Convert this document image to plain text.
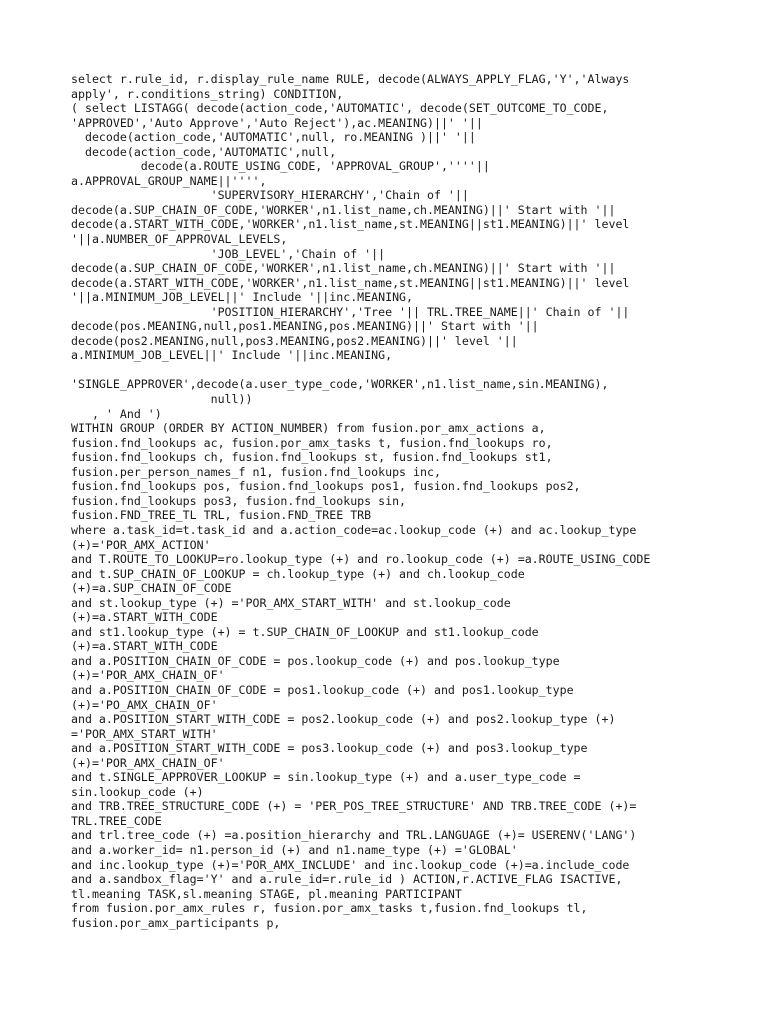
select r.rule_id, r.display_rule_name RULE, decode(ALWAYS_APPLY_FLAG,'Y','Always
apply', r.conditions_string) CONDITION,
( select LISTAGG( decode(action_code,'AUTOMATIC', decode(SET_OUTCOME_TO_CODE,
'APPROVED','Auto Approve','Auto Reject'),ac.MEANING)||' '||
decode(action_code,'AUTOMATIC',null, ro.MEANING )||' '||
decode(action_code,'AUTOMATIC',null,
decode(a.ROUTE_USING_CODE, 'APPROVAL_GROUP',''''||
a.APPROVAL_GROUP_NAME||'''',
'SUPERVISORY_HIERARCHY','Chain of '||
decode(a.SUP_CHAIN_OF_CODE,'WORKER',n1.list_name,ch.MEANING)||' Start with '||
decode(a.START_WITH_CODE,'WORKER',n1.list_name,st.MEANING||st1.MEANING)||' level
'||a.NUMBER_OF_APPROVAL_LEVELS,
'JOB_LEVEL','Chain of '||
decode(a.SUP_CHAIN_OF_CODE,'WORKER',n1.list_name,ch.MEANING)||' Start with '||
decode(a.START_WITH_CODE,'WORKER',n1.list_name,st.MEANING||st1.MEANING)||' level
'||a.MINIMUM_JOB_LEVEL||' Include '||inc.MEANING,
'POSITION_HIERARCHY','Tree '|| TRL.TREE_NAME||' Chain of '||
decode(pos.MEANING,null,pos1.MEANING,pos.MEANING)||' Start with '||
decode(pos2.MEANING,null,pos3.MEANING,pos2.MEANING)||' level '||
a.MINIMUM_JOB_LEVEL||' Include '||inc.MEANING,
'SINGLE_APPROVER',decode(a.user_type_code,'WORKER',n1.list_name,sin.MEANING),
null))
, ' And ')
WITHIN GROUP (ORDER BY ACTION_NUMBER) from fusion.por_amx_actions a,
fusion.fnd_lookups ac, fusion.por_amx_tasks t, fusion.fnd_lookups ro,
fusion.fnd_lookups ch, fusion.fnd_lookups st, fusion.fnd_lookups st1,
fusion.per_person_names_f n1, fusion.fnd_lookups inc,
fusion.fnd_lookups pos, fusion.fnd_lookups pos1, fusion.fnd_lookups pos2,
fusion.fnd_lookups pos3, fusion.fnd_lookups sin,
fusion.FND_TREE_TL TRL, fusion.FND_TREE TRB
where a.task_id=t.task_id and a.action_code=ac.lookup_code (+) and ac.lookup_type
(+)='POR_AMX_ACTION'
and T.ROUTE_TO_LOOKUP=ro.lookup_type (+) and ro.lookup_code (+) =a.ROUTE_USING_CODE
and t.SUP_CHAIN_OF_LOOKUP = ch.lookup_type (+) and ch.lookup_code
(+)=a.SUP_CHAIN_OF_CODE
and st.lookup_type (+) ='POR_AMX_START_WITH' and st.lookup_code
(+)=a.START_WITH_CODE
and st1.lookup_type (+) = t.SUP_CHAIN_OF_LOOKUP and st1.lookup_code
(+)=a.START_WITH_CODE
and a.POSITION_CHAIN_OF_CODE = pos.lookup_code (+) and pos.lookup_type
(+)='POR_AMX_CHAIN_OF'
and a.POSITION_CHAIN_OF_CODE = pos1.lookup_code (+) and pos1.lookup_type
(+)='PO_AMX_CHAIN_OF'
and a.POSITION_START_WITH_CODE = pos2.lookup_code (+) and pos2.lookup_type (+)
='POR_AMX_START_WITH'
and a.POSITION_START_WITH_CODE = pos3.lookup_code (+) and pos3.lookup_type
(+)='POR_AMX_CHAIN_OF'
and t.SINGLE_APPROVER_LOOKUP = sin.lookup_type (+) and a.user_type_code =
sin.lookup_code (+)
and TRB.TREE_STRUCTURE_CODE (+) = 'PER_POS_TREE_STRUCTURE' AND TRB.TREE_CODE (+)=
TRL.TREE_CODE
and trl.tree_code (+) =a.position_hierarchy and TRL.LANGUAGE (+)= USERENV('LANG')
and a.worker_id= n1.person_id (+) and n1.name_type (+) ='GLOBAL'
and inc.lookup_type (+)='POR_AMX_INCLUDE' and inc.lookup_code (+)=a.include_code
and a.sandbox_flag='Y' and a.rule_id=r.rule_id ) ACTION,r.ACTIVE_FLAG ISACTIVE,
tl.meaning TASK,sl.meaning STAGE, pl.meaning PARTICIPANT
from fusion.por_amx_rules r, fusion.por_amx_tasks t,fusion.fnd_lookups tl,
fusion.por_amx_participants p,
